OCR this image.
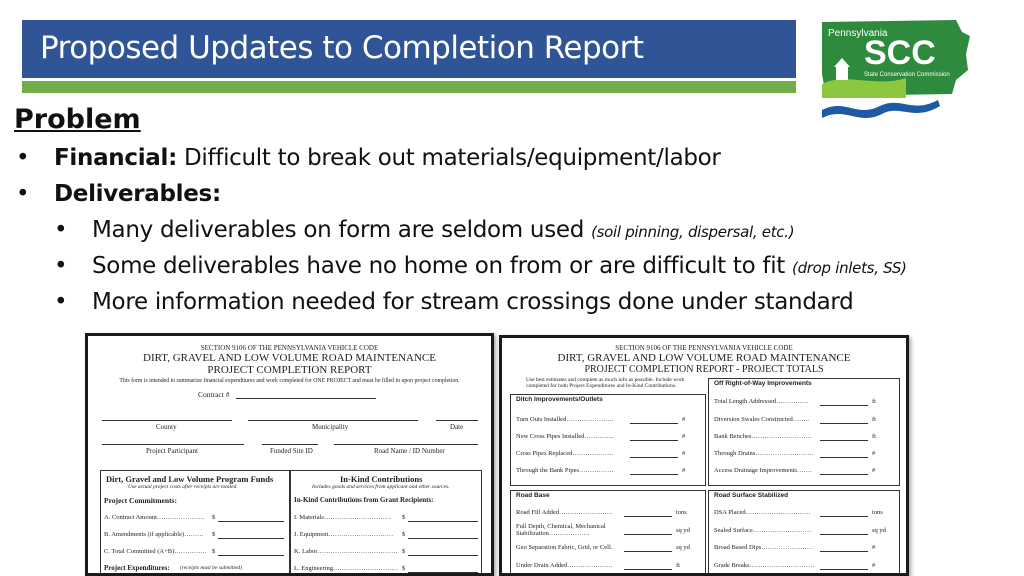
Proposed Updates to Completion Report	Pennsylvania
SCC
State Conservation Commission
Problem
• Financial: Difficult to break out materials/equipment/labor
• Deliverables:
• Many deliverables on form are seldom used (soil pinning, dispersal, etc.)
• Some deliverables have no home on from or are difficult to fit (drop inlets, SS)
• More information needed for stream crossings done under standard
SECTION 9106 OF THE PENNSYLVANIA VEHICLE CODE
DIRT, GRAVEL AND LOW VOLUME ROAD MAINTENANCE
PROJECT COMPLETION REPORT
This form is intended to summarize financial expenditures and work completed for ONE PROJECT and must be filled in upon project completion.
Contract #
County	Municipality	Date
Project Participant	Funded Site ID	Road Name / ID Number
Dirt, Gravel and Low Volume Program Funds
Use actual project costs after receipts are totaled.
Project Commitments:
A. Contract Amount…………………. $
B. Amendments (if applicable)……… $
C. Total Committed (A+B)…………… $
Project Expenditures: (receipts must be submitted)
In-Kind Contributions
Includes goods and services from applicant and other sources.
In-Kind Contributions from Grant Recipients:
I. Materials…………………………. $
J. Equipment………………………… $
K. Labor………………………………. $
L. Engineering………………………… $
SECTION 9106 OF THE PENNSYLVANIA VEHICLE CODE
DIRT, GRAVEL AND LOW VOLUME ROAD MAINTENANCE
PROJECT COMPLETION REPORT - PROJECT TOTALS
Use best estimates and complete as much info as possible. Include work completed for both Project Expenditures and In-Kind Contributions.
Ditch Improvements/Outlets
Turn Outs Installed………………….	#
New Cross Pipes Installed…………..	#
Cross Pipes Replaced……………….	#
Through the Bank Pipes…………….	#
Off Right-of-Way Improvements
Total Length Addressed……………	ft
Diversion Swales Constructed……..	ft
Bank Benches……………………….	ft
Through Drains………………………	#
Access Drainage Improvements…….	#
Road Base
Road Fill Added…………………….	tons
Full Depth, Chemical, Mechanical Stabilization……………….	sq yd
Geo Separation Fabric, Grid, or Cell.	sq yd
Under Drain Added…………………	ft
Road Surface Stabilized
DSA Placed…………………………	tons
Sealed Surface………………………	sq yd
Broad Based Dips……………………	#
Grade Breaks…………………………	#
